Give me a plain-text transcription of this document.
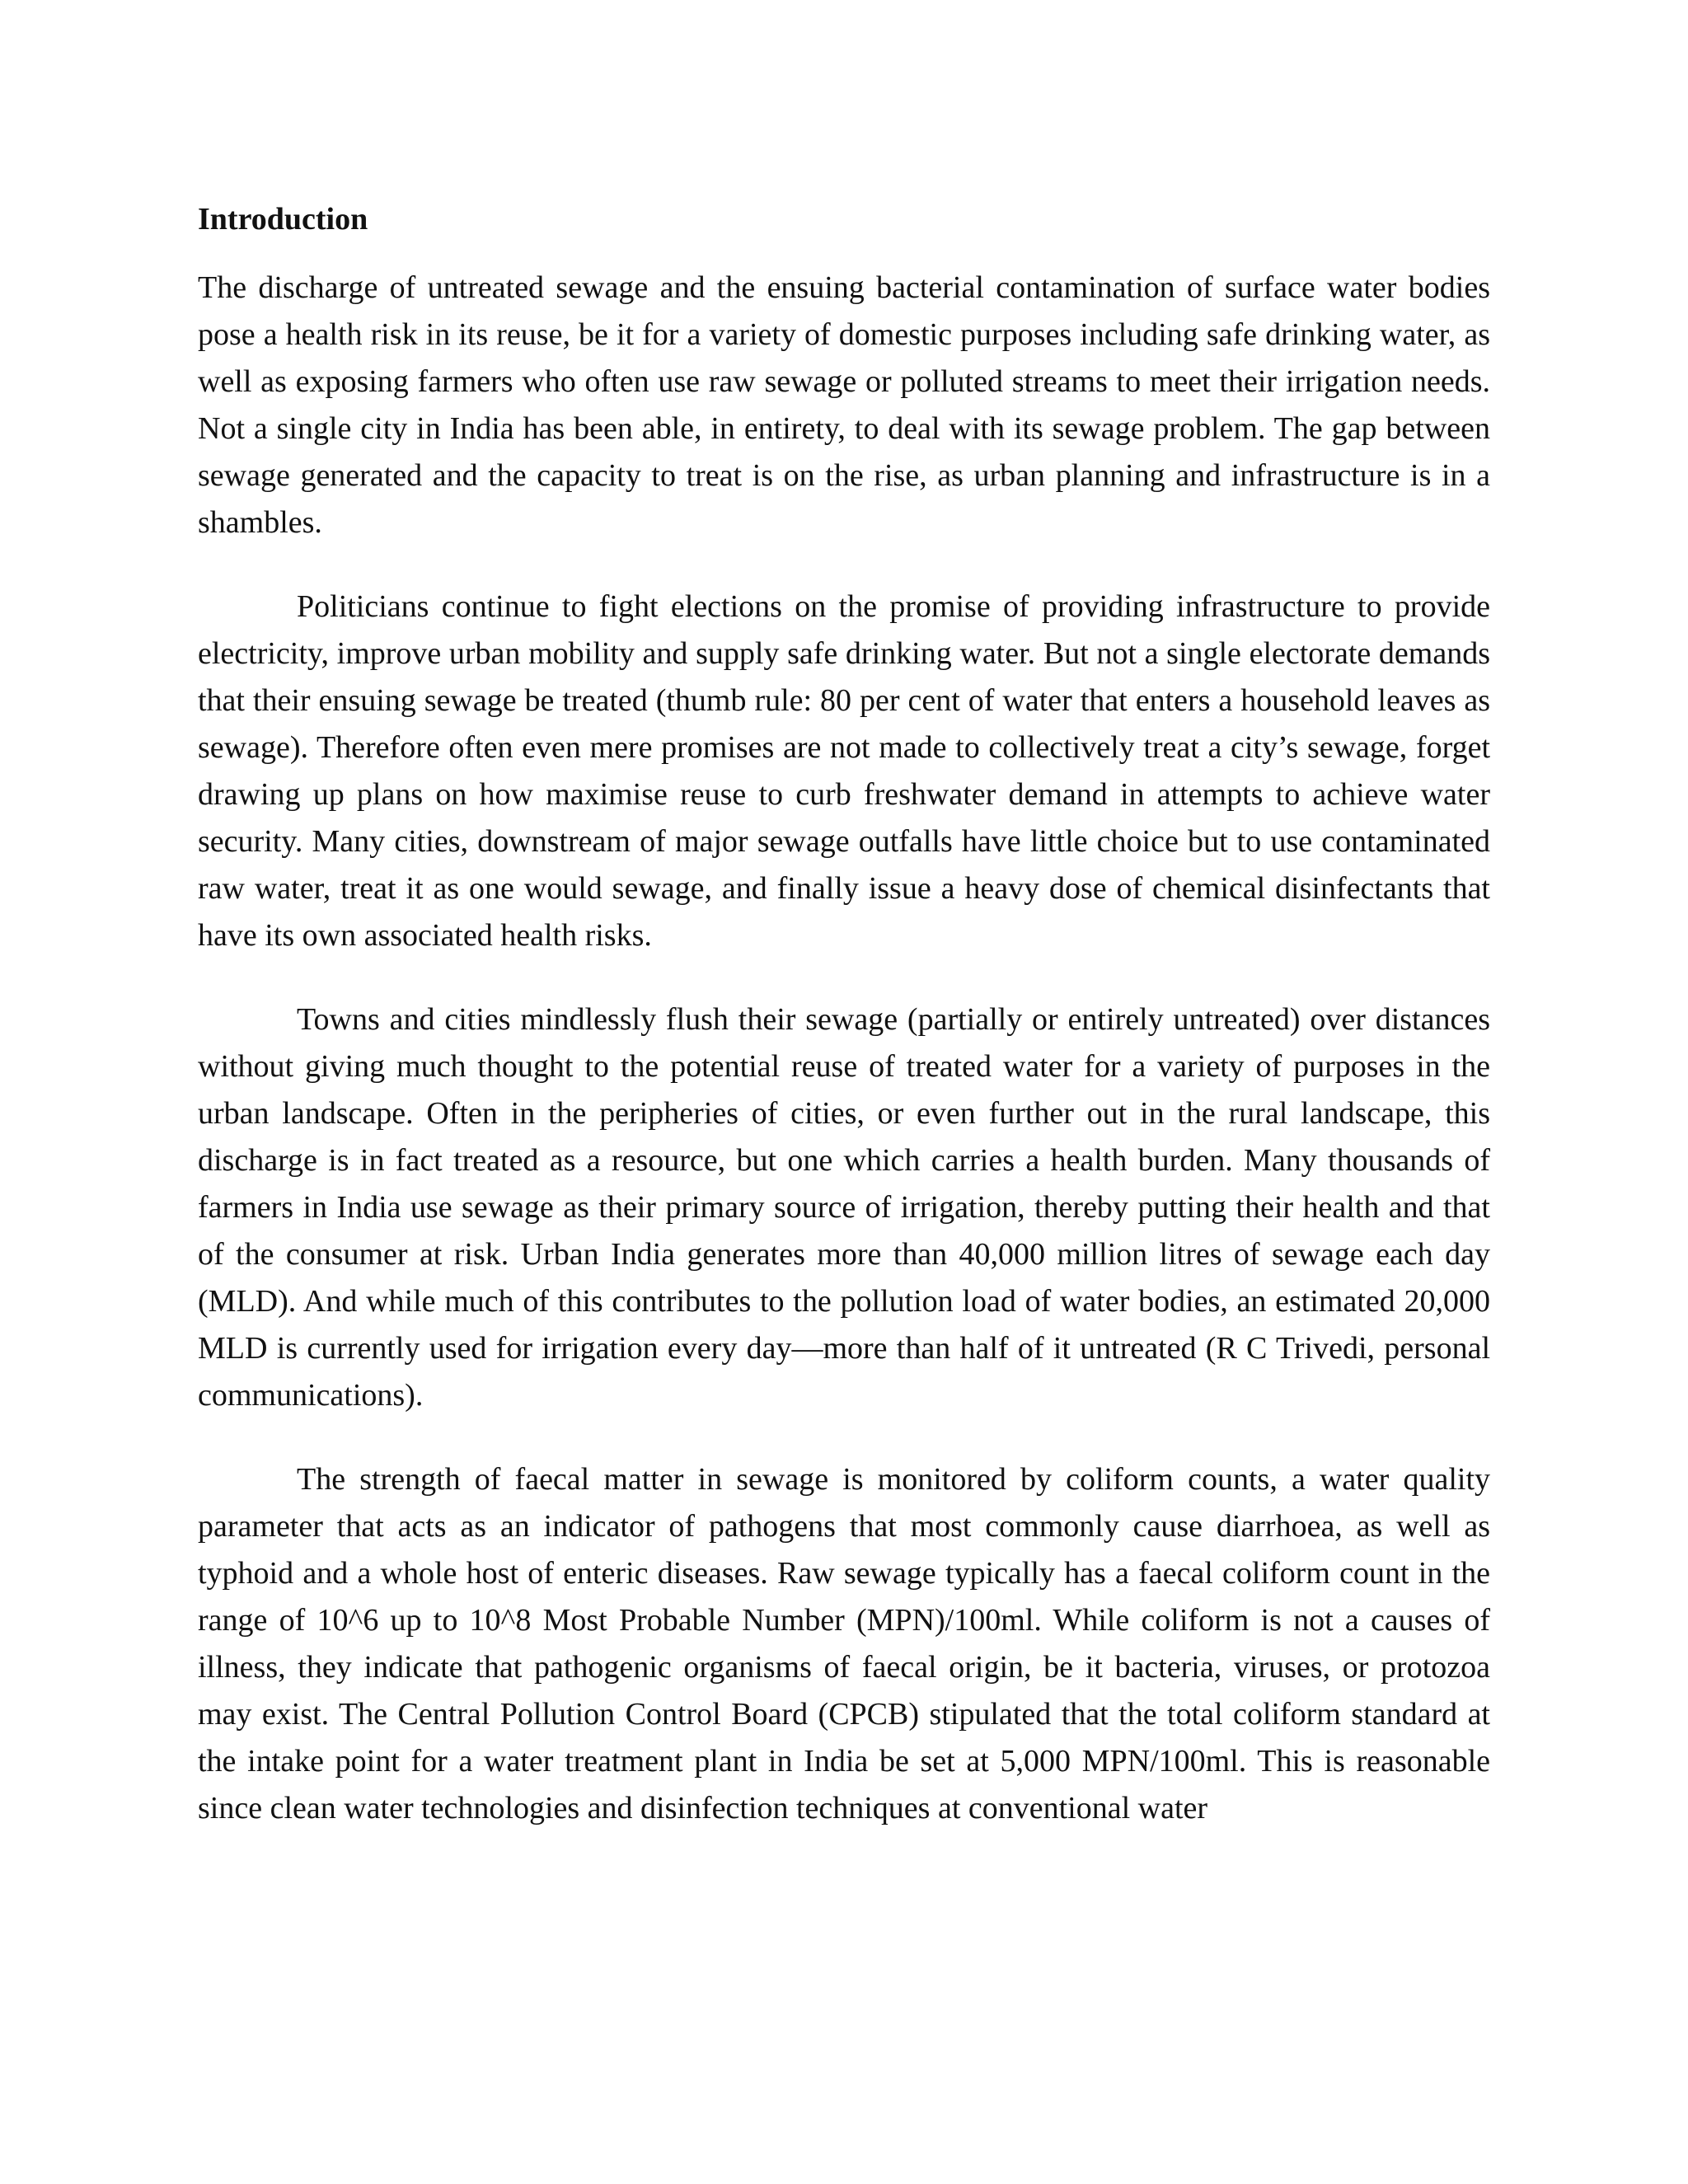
Introduction

The discharge of untreated sewage and the ensuing bacterial contamination of surface water bodies pose a health risk in its reuse, be it for a variety of domestic purposes including safe drinking water, as well as exposing farmers who often use raw sewage or polluted streams to meet their irrigation needs. Not a single city in India has been able, in entirety, to deal with its sewage problem. The gap between sewage generated and the capacity to treat is on the rise, as urban planning and infrastructure is in a shambles.

Politicians continue to fight elections on the promise of providing infrastructure to provide electricity, improve urban mobility and supply safe drinking water. But not a single electorate demands that their ensuing sewage be treated (thumb rule: 80 per cent of water that enters a household leaves as sewage). Therefore often even mere promises are not made to collectively treat a city’s sewage, forget drawing up plans on how maximise reuse to curb freshwater demand in attempts to achieve water security. Many cities, downstream of major sewage outfalls have little choice but to use contaminated raw water, treat it as one would sewage, and finally issue a heavy dose of chemical disinfectants that have its own associated health risks.

Towns and cities mindlessly flush their sewage (partially or entirely untreated) over distances without giving much thought to the potential reuse of treated water for a variety of purposes in the urban landscape. Often in the peripheries of cities, or even further out in the rural landscape, this discharge is in fact treated as a resource, but one which carries a health burden. Many thousands of farmers in India use sewage as their primary source of irrigation, thereby putting their health and that of the consumer at risk. Urban India generates more than 40,000 million litres of sewage each day (MLD). And while much of this contributes to the pollution load of water bodies, an estimated 20,000 MLD is currently used for irrigation every day—more than half of it untreated (R C Trivedi, personal communications).

The strength of faecal matter in sewage is monitored by coliform counts, a water quality parameter that acts as an indicator of pathogens that most commonly cause diarrhoea, as well as typhoid and a whole host of enteric diseases. Raw sewage typically has a faecal coliform count in the range of 10^6 up to 10^8 Most Probable Number (MPN)/100ml. While coliform is not a causes of illness, they indicate that pathogenic organisms of faecal origin, be it bacteria, viruses, or protozoa may exist. The Central Pollution Control Board (CPCB) stipulated that the total coliform standard at the intake point for a water treatment plant in India be set at 5,000 MPN/100ml. This is reasonable since clean water technologies and disinfection techniques at conventional water
